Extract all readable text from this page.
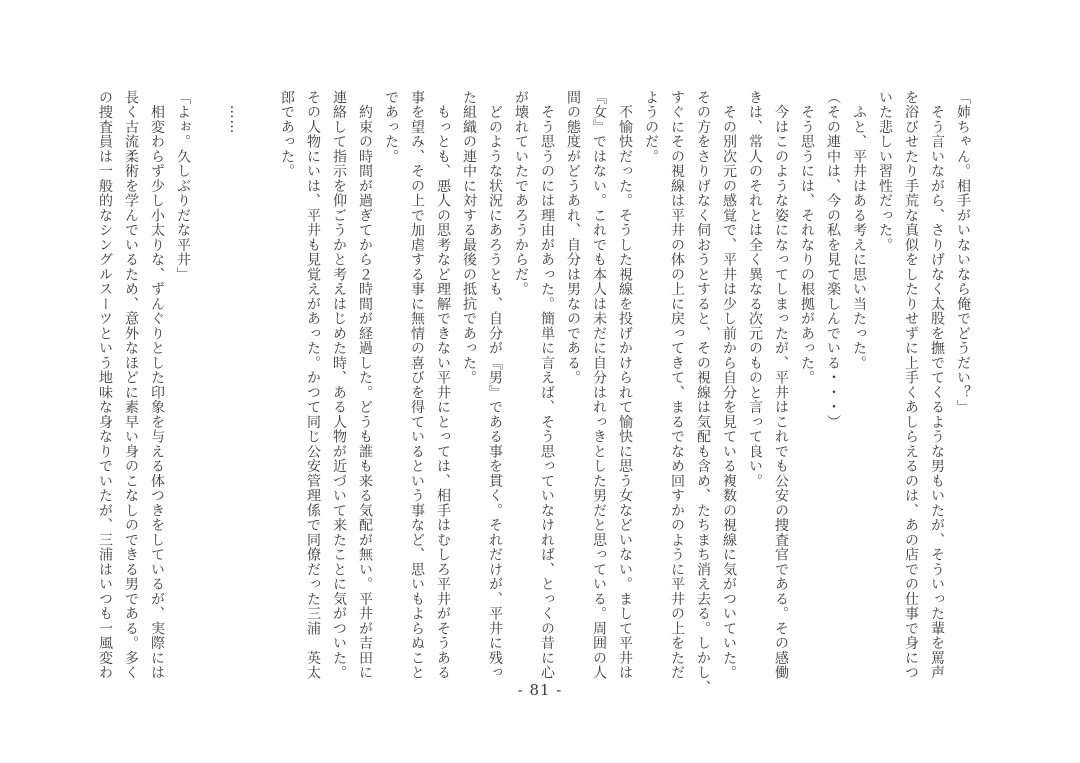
「姉ちゃん。相手がいないなら俺でどうだい？」

　そう言いながら、さりげなく太股を撫でてくるような男もいたが、そういった輩を罵声

を浴びせたり手荒な真似をしたりせずに上手くあしらえるのは、あの店での仕事で身につ

いた悲しい習性だった。

　ふと、平井はある考えに思い当たった。

（その連中は、今の私を見て楽しんでいる・・・）

　そう思うには、それなりの根拠があった。

　今はこのような姿になってしまったが、平井はこれでも公安の捜査官である。その感働

きは、常人のそれとは全く異なる次元のものと言って良い。

　その別次元の感覚で、平井は少し前から自分を見ている複数の視線に気がついていた。

その方をさりげなく伺おうとすると、その視線は気配も含め、たちまち消え去る。しかし、

すぐにその視線は平井の体の上に戻ってきて、まるでなめ回すかのように平井の上をただ

ようのだ。

　不愉快だった。そうした視線を投げかけられて愉快に思う女などいない。まして平井は

『女』ではない。これでも本人は未だに自分はれっきとした男だと思っている。周囲の人

間の態度がどうあれ、自分は男なのである。

　そう思うのには理由があった。簡単に言えば、そう思っていなければ、とっくの昔に心

が壊れていたであろうからだ。

　どのような状況にあろうとも、自分が『男』である事を貫く。それだけが、平井に残っ

た組織の連中に対する最後の抵抗であった。

　もっとも、悪人の思考など理解できない平井にとっては、相手はむしろ平井がそうある

事を望み、その上で加虐する事に無情の喜びを得ているという事など、思いもよらぬこと

であった。

　約束の時間が過ぎてから２時間が経過した。どうも誰も来る気配が無い。平井が吉田に

連絡して指示を仰ごうかと考えはじめた時、ある人物が近づいて来たことに気がついた。

その人物にいは、平井も見覚えがあった。かつて同じ公安管理係で同僚だった三浦　英太

郎であった。

　……

「よぉ。久しぶりだな平井」

　相変わらず少し小太りな、ずんぐりとした印象を与える体つきをしているが、実際には

長く古流柔術を学んでいるため、意外なほどに素早い身のこなしのできる男である。多く

の捜査員は一般的なシングルスーツという地味な身なりでいたが、三浦はいつも一風変わ

- 81 -
